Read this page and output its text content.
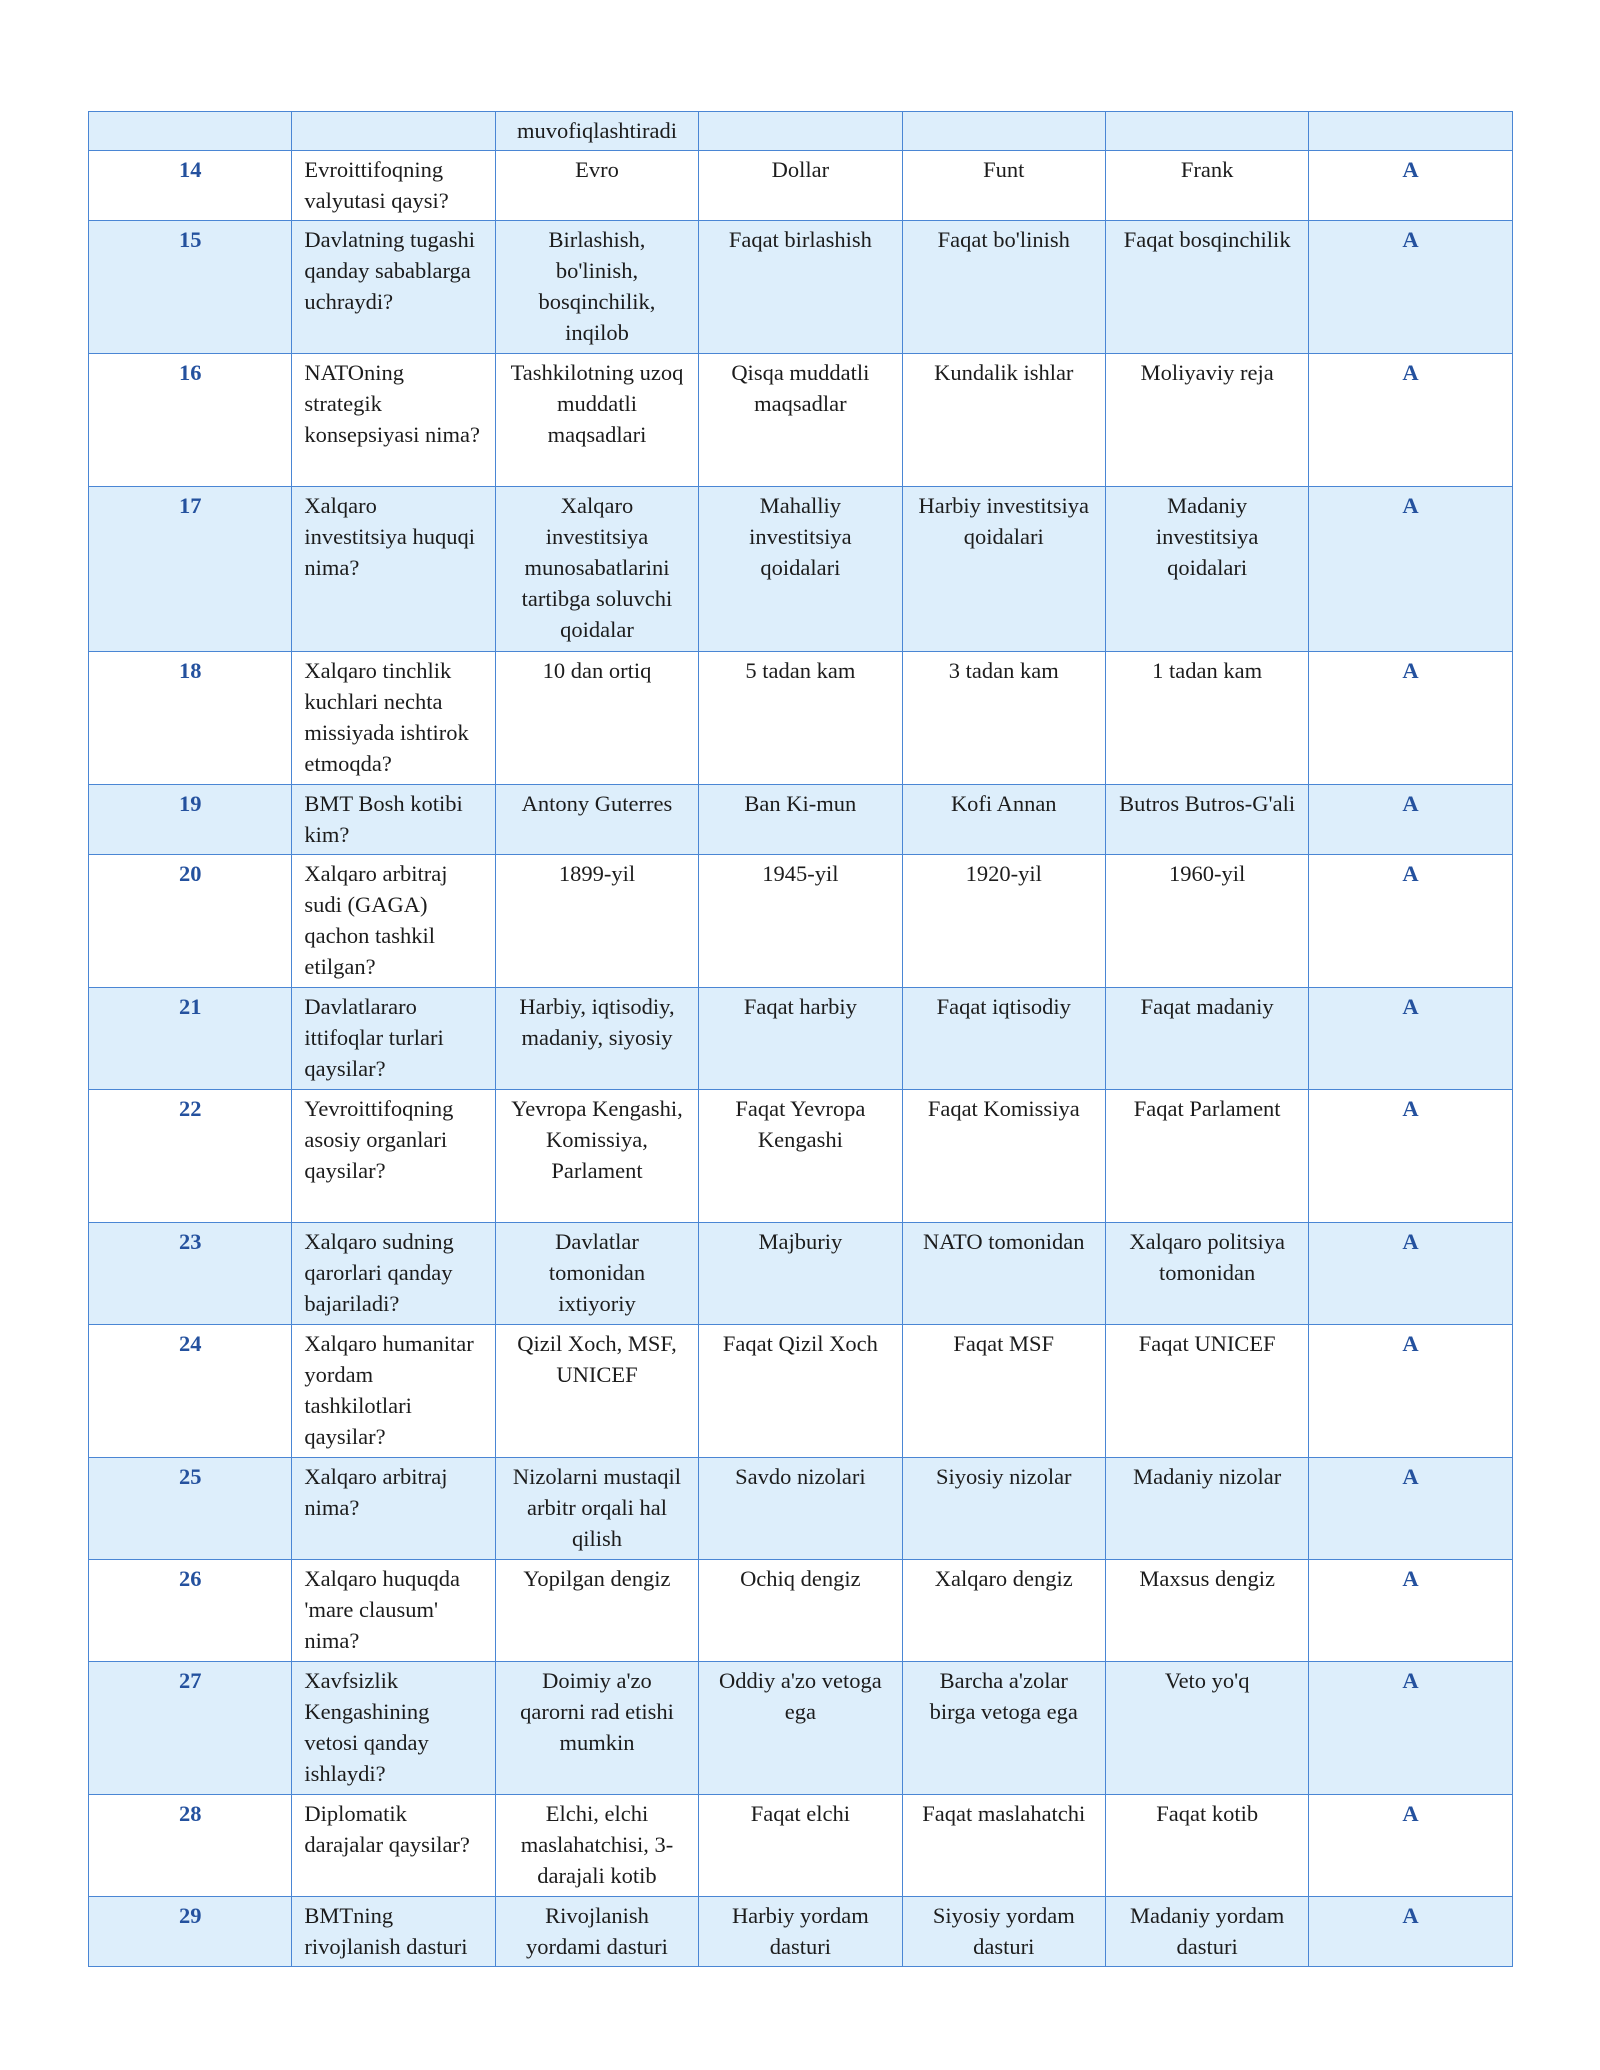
		muvofiqlashtiradi				
14	Evroittifoqning valyutasi qaysi?	Evro	Dollar	Funt	Frank	A
15	Davlatning tugashi qanday sabablarga uchraydi?	Birlashish, bo'linish, bosqinchilik, inqilob	Faqat birlashish	Faqat bo'linish	Faqat bosqinchilik	A
16	NATOning strategik konsepsiyasi nima?	Tashkilotning uzoq muddatli maqsadlari	Qisqa muddatli maqsadlar	Kundalik ishlar	Moliyaviy reja	A
17	Xalqaro investitsiya huquqi nima?	Xalqaro investitsiya munosabatlarini tartibga soluvchi qoidalar	Mahalliy investitsiya qoidalari	Harbiy investitsiya qoidalari	Madaniy investitsiya qoidalari	A
18	Xalqaro tinchlik kuchlari nechta missiyada ishtirok etmoqda?	10 dan ortiq	5 tadan kam	3 tadan kam	1 tadan kam	A
19	BMT Bosh kotibi kim?	Antony Guterres	Ban Ki-mun	Kofi Annan	Butros Butros-G'ali	A
20	Xalqaro arbitraj sudi (GAGA) qachon tashkil etilgan?	1899-yil	1945-yil	1920-yil	1960-yil	A
21	Davlatlararo ittifoqlar turlari qaysilar?	Harbiy, iqtisodiy, madaniy, siyosiy	Faqat harbiy	Faqat iqtisodiy	Faqat madaniy	A
22	Yevroittifoqning asosiy organlari qaysilar?	Yevropa Kengashi, Komissiya, Parlament	Faqat Yevropa Kengashi	Faqat Komissiya	Faqat Parlament	A
23	Xalqaro sudning qarorlari qanday bajariladi?	Davlatlar tomonidan ixtiyoriy	Majburiy	NATO tomonidan	Xalqaro politsiya tomonidan	A
24	Xalqaro humanitar yordam tashkilotlari qaysilar?	Qizil Xoch, MSF, UNICEF	Faqat Qizil Xoch	Faqat MSF	Faqat UNICEF	A
25	Xalqaro arbitraj nima?	Nizolarni mustaqil arbitr orqali hal qilish	Savdo nizolari	Siyosiy nizolar	Madaniy nizolar	A
26	Xalqaro huquqda 'mare clausum' nima?	Yopilgan dengiz	Ochiq dengiz	Xalqaro dengiz	Maxsus dengiz	A
27	Xavfsizlik Kengashining vetosi qanday ishlaydi?	Doimiy a'zo qarorni rad etishi mumkin	Oddiy a'zo vetoga ega	Barcha a'zolar birga vetoga ega	Veto yo'q	A
28	Diplomatik darajalar qaysilar?	Elchi, elchi maslahatchisi, 3-darajali kotib	Faqat elchi	Faqat maslahatchi	Faqat kotib	A
29	BMTning rivojlanish dasturi	Rivojlanish yordami dasturi	Harbiy yordam dasturi	Siyosiy yordam dasturi	Madaniy yordam dasturi	A
